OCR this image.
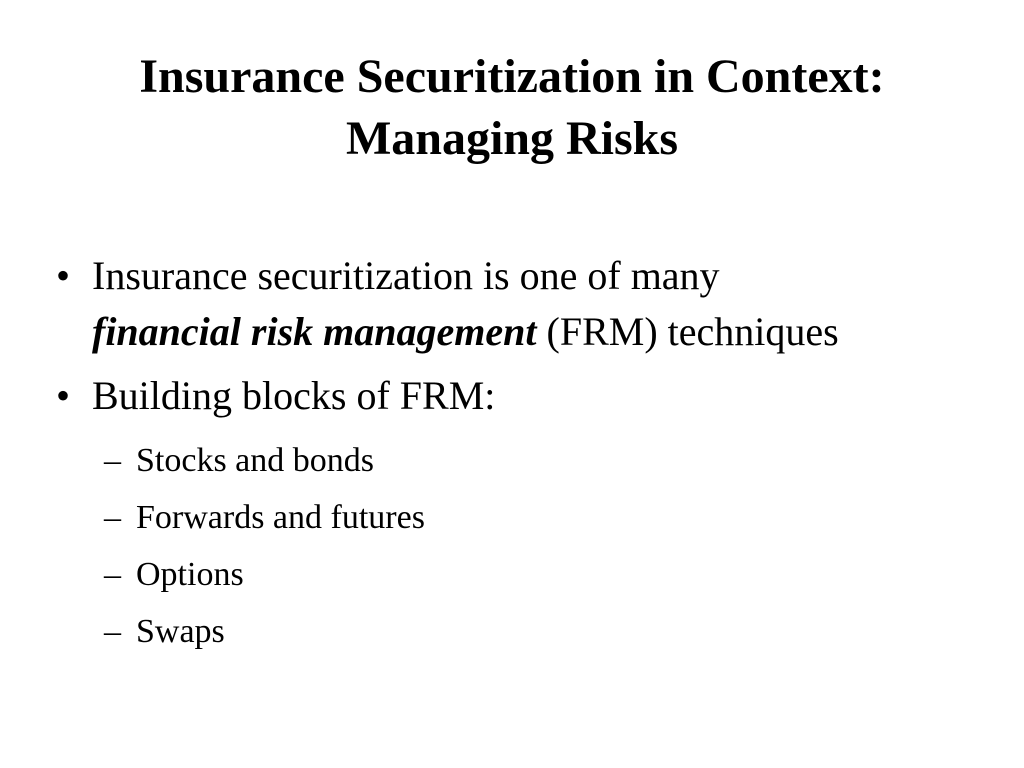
Insurance Securitization in Context:
Managing Risks
• Insurance securitization is one of many
financial risk management (FRM) techniques
• Building blocks of FRM:
– Stocks and bonds
– Forwards and futures
– Options
– Swaps
